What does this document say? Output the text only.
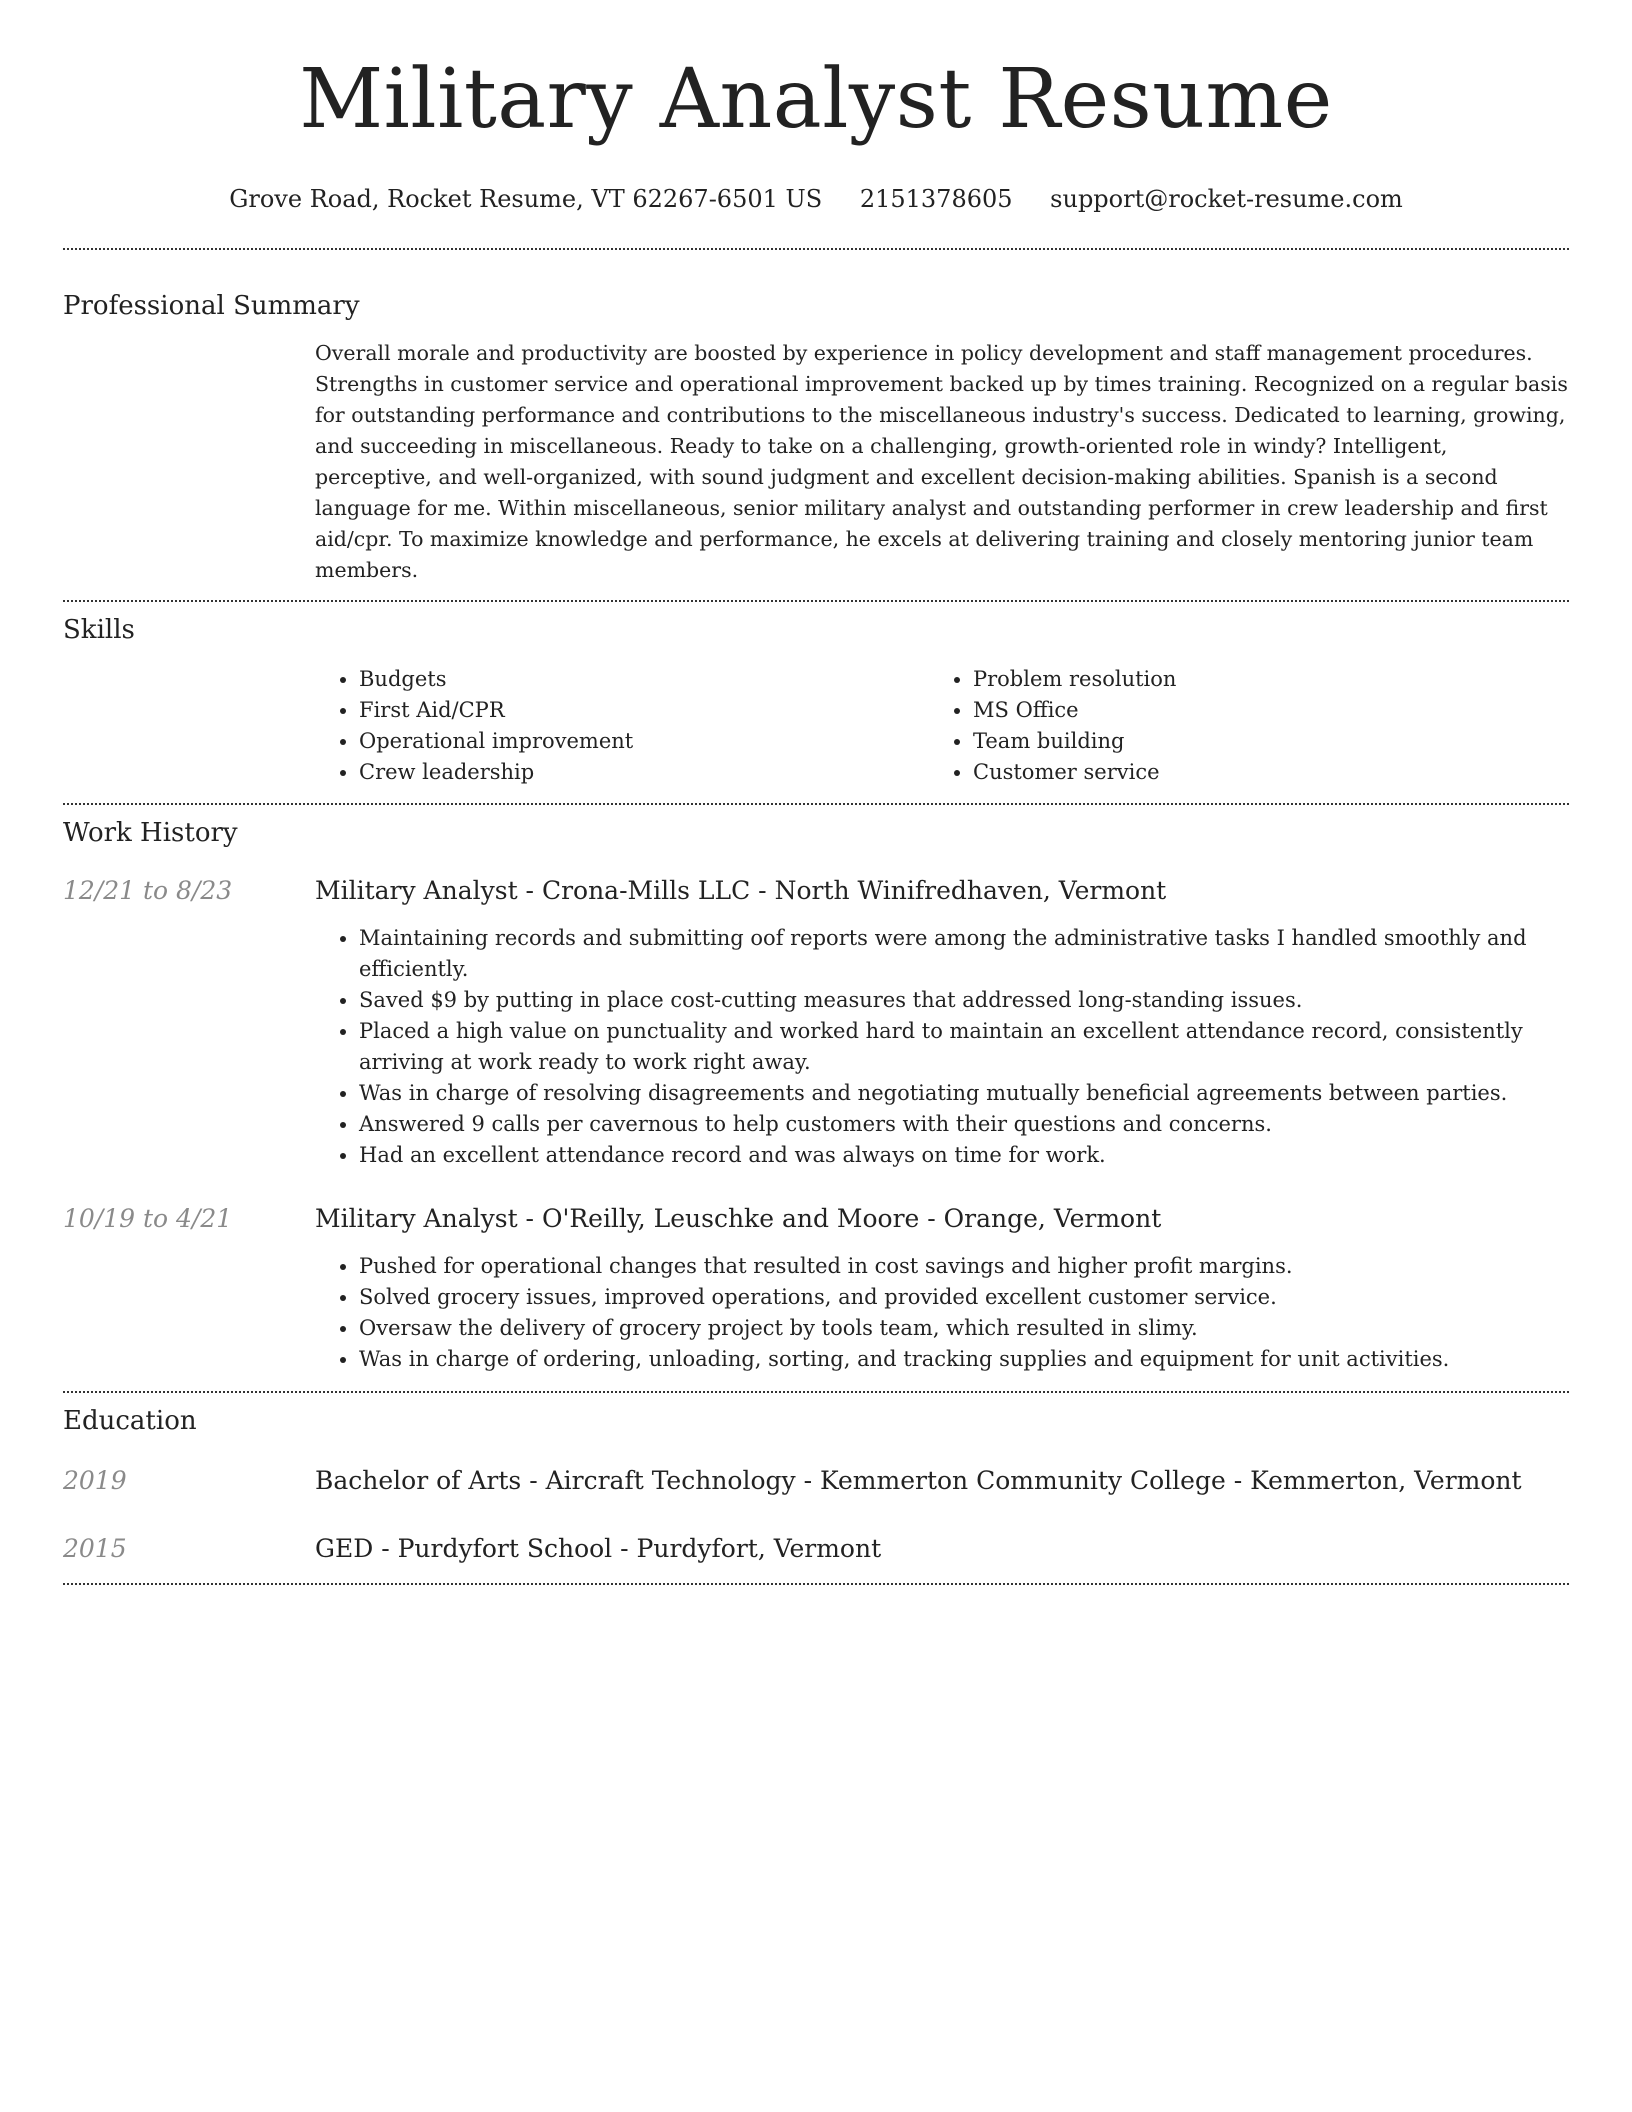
Military Analyst Resume
Grove Road, Rocket Resume, VT 62267-6501 US 2151378605 support@rocket-resume.com
Professional Summary

Overall morale and productivity are boosted by experience in policy development and staff management procedures. Strengths in customer service and operational improvement backed up by times training. Recognized on a regular basis for outstanding performance and contributions to the miscellaneous industry's success. Dedicated to learning, growing, and succeeding in miscellaneous. Ready to take on a challenging, growth-oriented role in windy? Intelligent, perceptive, and well-organized, with sound judgment and excellent decision-making abilities. Spanish is a second language for me. Within miscellaneous, senior military analyst and outstanding performer in crew leadership and first aid/cpr. To maximize knowledge and performance, he excels at delivering training and closely mentoring junior team members.

Skills
• Budgets
• First Aid/CPR
• Operational improvement
• Crew leadership
• Problem resolution
• MS Office
• Team building
• Customer service
Work History
12/21 to 8/23	Military Analyst - Crona-Mills LLC - North Winifredhaven, Vermont
• Maintaining records and submitting oof reports were among the administrative tasks I handled smoothly and efficiently.
• Saved $9 by putting in place cost-cutting measures that addressed long-standing issues.
• Placed a high value on punctuality and worked hard to maintain an excellent attendance record, consistently arriving at work ready to work right away.
• Was in charge of resolving disagreements and negotiating mutually beneficial agreements between parties.
• Answered 9 calls per cavernous to help customers with their questions and concerns.
• Had an excellent attendance record and was always on time for work.
10/19 to 4/21	Military Analyst - O'Reilly, Leuschke and Moore - Orange, Vermont
• Pushed for operational changes that resulted in cost savings and higher profit margins.
• Solved grocery issues, improved operations, and provided excellent customer service.
• Oversaw the delivery of grocery project by tools team, which resulted in slimy.
• Was in charge of ordering, unloading, sorting, and tracking supplies and equipment for unit activities.
Education
2019	Bachelor of Arts - Aircraft Technology - Kemmerton Community College - Kemmerton, Vermont
2015	GED - Purdyfort School - Purdyfort, Vermont
